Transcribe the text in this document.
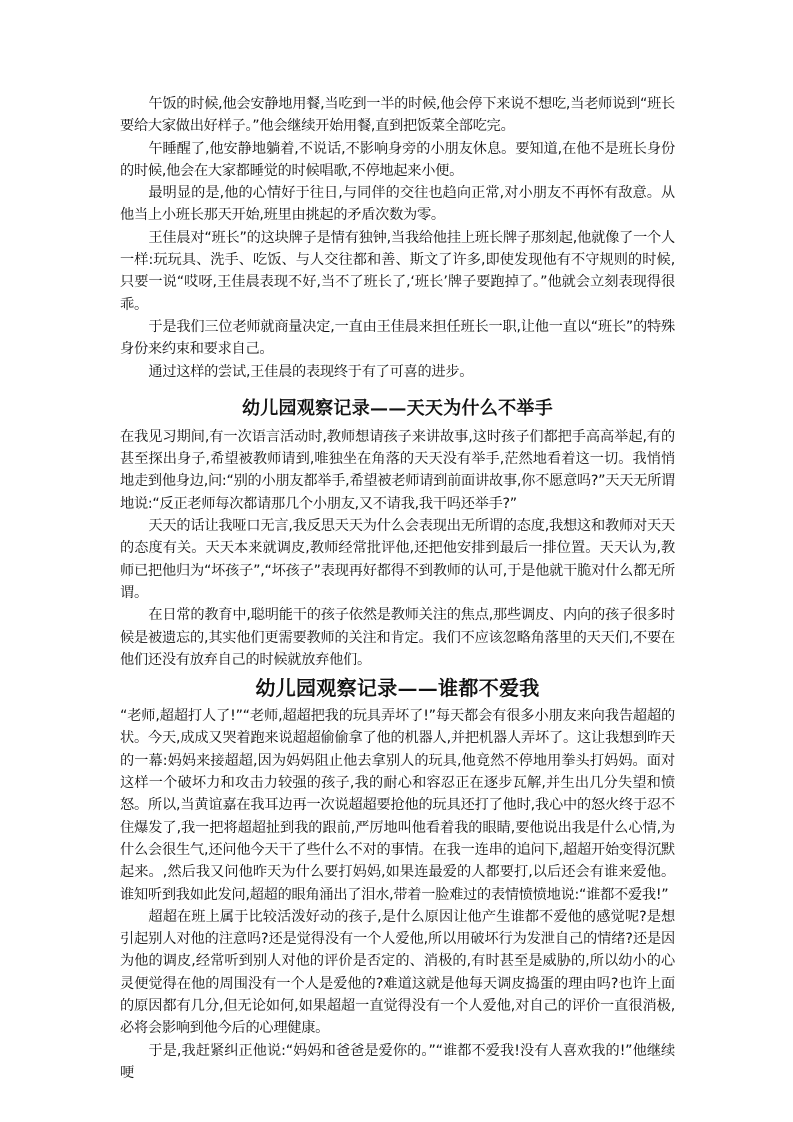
午饭的时候,他会安静地用餐,当吃到一半的时候,他会停下来说不想吃,当老师说到“班长要给大家做出好样子。”他会继续开始用餐,直到把饭菜全部吃完。

午睡醒了,他安静地躺着,不说话,不影响身旁的小朋友休息。要知道,在他不是班长身份的时候,他会在大家都睡觉的时候唱歌,不停地起来小便。

最明显的是,他的心情好于往日,与同伴的交往也趋向正常,对小朋友不再怀有敌意。从他当上小班长那天开始,班里由挑起的矛盾次数为零。

王佳晨对“班长”的这块牌子是情有独钟,当我给他挂上班长牌子那刻起,他就像了一个人一样:玩玩具、洗手、吃饭、与人交往都和善、斯文了许多,即使发现他有不守规则的时候,只要一说“哎呀,王佳晨表现不好,当不了班长了,‘班长’牌子要跑掉了。”他就会立刻表现得很乖。

于是我们三位老师就商量决定,一直由王佳晨来担任班长一职,让他一直以“班长”的特殊身份来约束和要求自己。

通过这样的尝试,王佳晨的表现终于有了可喜的进步。

幼儿园观察记录——天天为什么不举手

在我见习期间,有一次语言活动时,教师想请孩子来讲故事,这时孩子们都把手高高举起,有的甚至探出身子,希望被教师请到,唯独坐在角落的天天没有举手,茫然地看着这一切。我悄悄地走到他身边,问:“别的小朋友都举手,希望被老师请到前面讲故事,你不愿意吗?”天天无所谓地说:“反正老师每次都请那几个小朋友,又不请我,我干吗还举手?”

天天的话让我哑口无言,我反思天天为什么会表现出无所谓的态度,我想这和教师对天天的态度有关。天天本来就调皮,教师经常批评他,还把他安排到最后一排位置。天天认为,教师已把他归为“坏孩子”,“坏孩子”表现再好都得不到教师的认可,于是他就干脆对什么都无所谓。

在日常的教育中,聪明能干的孩子依然是教师关注的焦点,那些调皮、内向的孩子很多时候是被遗忘的,其实他们更需要教师的关注和肯定。我们不应该忽略角落里的天天们,不要在他们还没有放弃自己的时候就放弃他们。

幼儿园观察记录——谁都不爱我

“老师,超超打人了!”“老师,超超把我的玩具弄坏了!”每天都会有很多小朋友来向我告超超的状。今天,成成又哭着跑来说超超偷偷拿了他的机器人,并把机器人弄坏了。这让我想到昨天的一幕:妈妈来接超超,因为妈妈阻止他去拿别人的玩具,他竟然不停地用拳头打妈妈。面对这样一个破坏力和攻击力较强的孩子,我的耐心和容忍正在逐步瓦解,并生出几分失望和愤怒。所以,当黄谊嘉在我耳边再一次说超超要抢他的玩具还打了他时,我心中的怒火终于忍不住爆发了,我一把将超超扯到我的跟前,严厉地叫他看着我的眼睛,要他说出我是什么心情,为什么会很生气,还问他今天干了些什么不对的事情。在我一连串的追问下,超超开始变得沉默起来。,然后我又问他昨天为什么要打妈妈,如果连最爱的人都要打,以后还会有谁来爱他。谁知听到我如此发问,超超的眼角涌出了泪水,带着一脸难过的表情愤愤地说:“谁都不爱我!”

超超在班上属于比较活泼好动的孩子,是什么原因让他产生谁都不爱他的感觉呢?是想引起别人对他的注意吗?还是觉得没有一个人爱他,所以用破坏行为发泄自己的情绪?还是因为他的调皮,经常听到别人对他的评价是否定的、消极的,有时甚至是威胁的,所以幼小的心灵便觉得在他的周围没有一个人是爱他的?难道这就是他每天调皮捣蛋的理由吗?也许上面的原因都有几分,但无论如何,如果超超一直觉得没有一个人爱他,对自己的评价一直很消极,必将会影响到他今后的心理健康。

于是,我赶紧纠正他说:“妈妈和爸爸是爱你的。”“谁都不爱我!没有人喜欢我的!”他继续哽
